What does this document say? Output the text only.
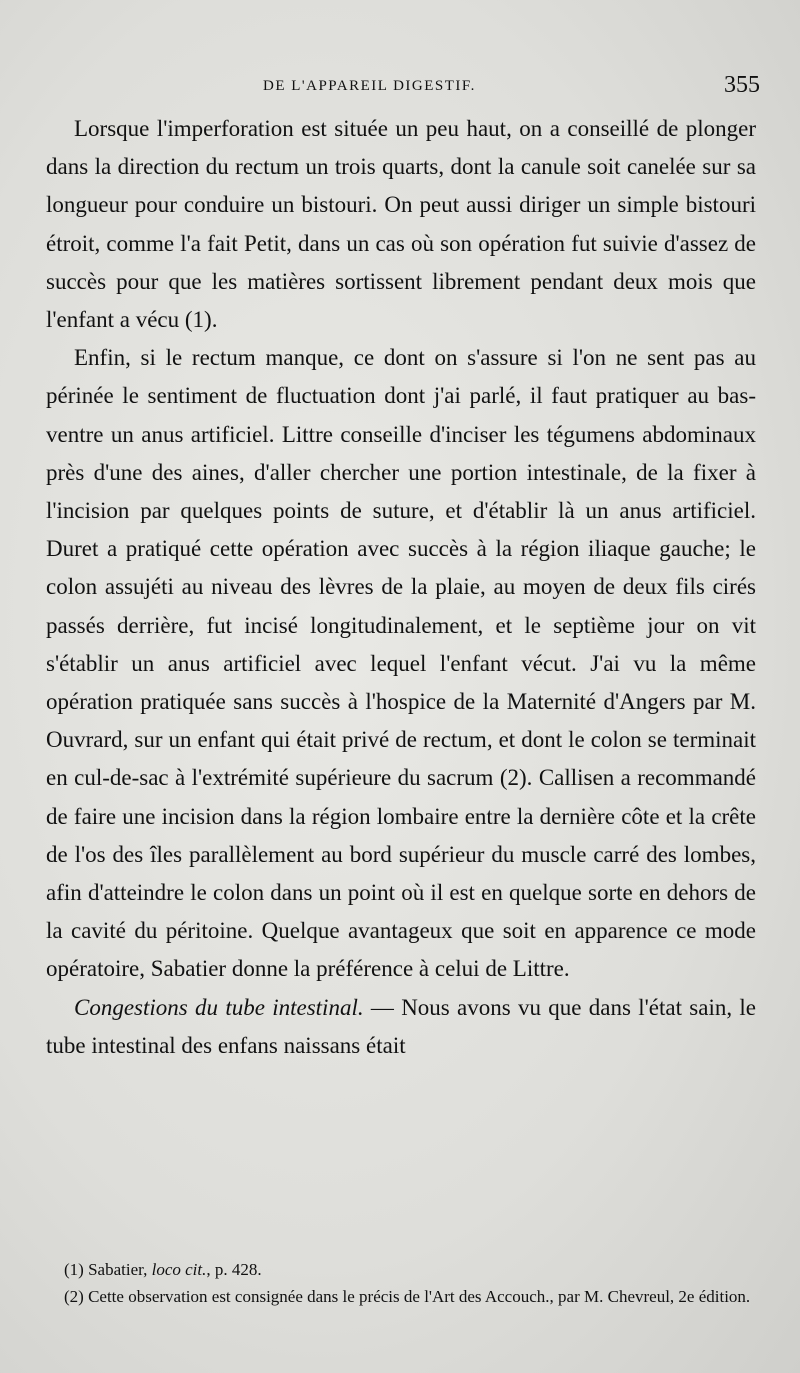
DE L'APPAREIL DIGESTIF.	355

Lorsque l'imperforation est située un peu haut, on a conseillé de plonger dans la direction du rectum un trois quarts, dont la canule soit canelée sur sa longueur pour conduire un bistouri. On peut aussi diriger un simple bistouri étroit, comme l'a fait Petit, dans un cas où son opération fut suivie d'assez de succès pour que les matières sortissent librement pendant deux mois que l'enfant a vécu (1).

Enfin, si le rectum manque, ce dont on s'assure si l'on ne sent pas au périnée le sentiment de fluctuation dont j'ai parlé, il faut pratiquer au bas-ventre un anus artificiel. Littre conseille d'inciser les tégumens abdominaux près d'une des aines, d'aller chercher une portion intestinale, de la fixer à l'incision par quelques points de suture, et d'établir là un anus artificiel. Duret a pratiqué cette opération avec succès à la région iliaque gauche; le colon assujéti au niveau des lèvres de la plaie, au moyen de deux fils cirés passés derrière, fut incisé longitudinalement, et le septième jour on vit s'établir un anus artificiel avec lequel l'enfant vécut. J'ai vu la même opération pratiquée sans succès à l'hospice de la Maternité d'Angers par M. Ouvrard, sur un enfant qui était privé de rectum, et dont le colon se terminait en cul-de-sac à l'extrémité supérieure du sacrum (2). Callisen a recommandé de faire une incision dans la région lombaire entre la dernière côte et la crête de l'os des îles parallèlement au bord supérieur du muscle carré des lombes, afin d'atteindre le colon dans un point où il est en quelque sorte en dehors de la cavité du péritoine. Quelque avantageux que soit en apparence ce mode opératoire, Sabatier donne la préférence à celui de Littre.

Congestions du tube intestinal. — Nous avons vu que dans l'état sain, le tube intestinal des enfans naissans était

(1) Sabatier, loco cit., p. 428.

(2) Cette observation est consignée dans le précis de l'Art des Accouch., par M. Chevreul, 2e édition.
